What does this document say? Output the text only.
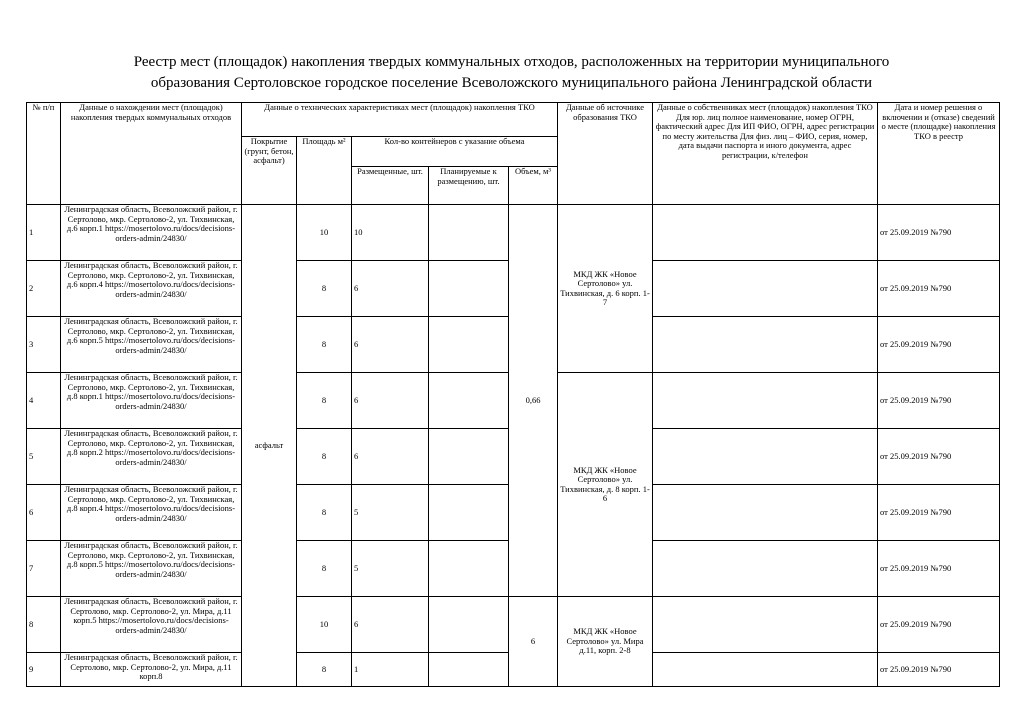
Реестр мест (площадок) накопления твердых коммунальных отходов, расположенных на территории муниципального
образования Сертоловское городское поселение Всеволожского муниципального района Ленинградской области
№ п/п	Данные о нахождении мест (площадок) накопления твердых коммунальных отходов	Данные о технических характеристиках мест (площадок) накопления ТКО					Данные об источнике образования ТКО	Данные о собственниках мест (площадок) накопления ТКО Для юр. лиц полное наименование, номер ОГРН, фактический адрес Для ИП ФИО, ОГРН, адрес регистрации по месту жительства Для физ. лиц – ФИО, серия, номер, дата выдачи паспорта и иного документа, адрес регистрации, к/телефон	Дата и номер решения о включении и (отказе) сведений о месте (площадке) накопления ТКО в реестр
		Покрытие (грунт, бетон, асфальт)	Площадь м²	Кол-во контейнеров с указание объема					
				Размещенные, шт.	Планируемые к размещению, шт.	Объем, м³			
1	Ленинградская область, Всеволожский район, г. Сертолово, мкр. Сертолово-2, ул. Тихвинская, д.6 корп.1 https://mosertolovo.ru/docs/decisions-orders-admin/24830/	асфальт	10	10		0,66	МКД ЖК «Новое Сертолово» ул. Тихвинская, д. 6 корп. 1-7		от 25.09.2019 №790
2	Ленинградская область, Всеволожский район, г. Сертолово, мкр. Сертолово-2, ул. Тихвинская, д.6 корп.4 https://mosertolovo.ru/docs/decisions-orders-admin/24830/		8	6					от 25.09.2019 №790
3	Ленинградская область, Всеволожский район, г. Сертолово, мкр. Сертолово-2, ул. Тихвинская, д.6 корп.5 https://mosertolovo.ru/docs/decisions-orders-admin/24830/		8	6					от 25.09.2019 №790
4	Ленинградская область, Всеволожский район, г. Сертолово, мкр. Сертолово-2, ул. Тихвинская, д.8 корп.1 https://mosertolovo.ru/docs/decisions-orders-admin/24830/		8	6			МКД ЖК «Новое Сертолово» ул. Тихвинская, д. 8 корп. 1-6		от 25.09.2019 №790
5	Ленинградская область, Всеволожский район, г. Сертолово, мкр. Сертолово-2, ул. Тихвинская, д.8 корп.2 https://mosertolovo.ru/docs/decisions-orders-admin/24830/		8	6					от 25.09.2019 №790
6	Ленинградская область, Всеволожский район, г. Сертолово, мкр. Сертолово-2, ул. Тихвинская, д.8 корп.4 https://mosertolovo.ru/docs/decisions-orders-admin/24830/		8	5					от 25.09.2019 №790
7	Ленинградская область, Всеволожский район, г. Сертолово, мкр. Сертолово-2, ул. Тихвинская, д.8 корп.5 https://mosertolovo.ru/docs/decisions-orders-admin/24830/		8	5					от 25.09.2019 №790
8	Ленинградская область, Всеволожский район, г. Сертолово, мкр. Сертолово-2, ул. Мира, д.11 корп.5 https://mosertolovo.ru/docs/decisions-orders-admin/24830/		10	6		6	МКД ЖК «Новое Сертолово» ул. Мира д.11, корп. 2-8		от 25.09.2019 №790
9	Ленинградская область, Всеволожский район, г. Сертолово, мкр. Сертолово-2, ул. Мира, д.11 корп.8		8	1					от 25.09.2019 №790
